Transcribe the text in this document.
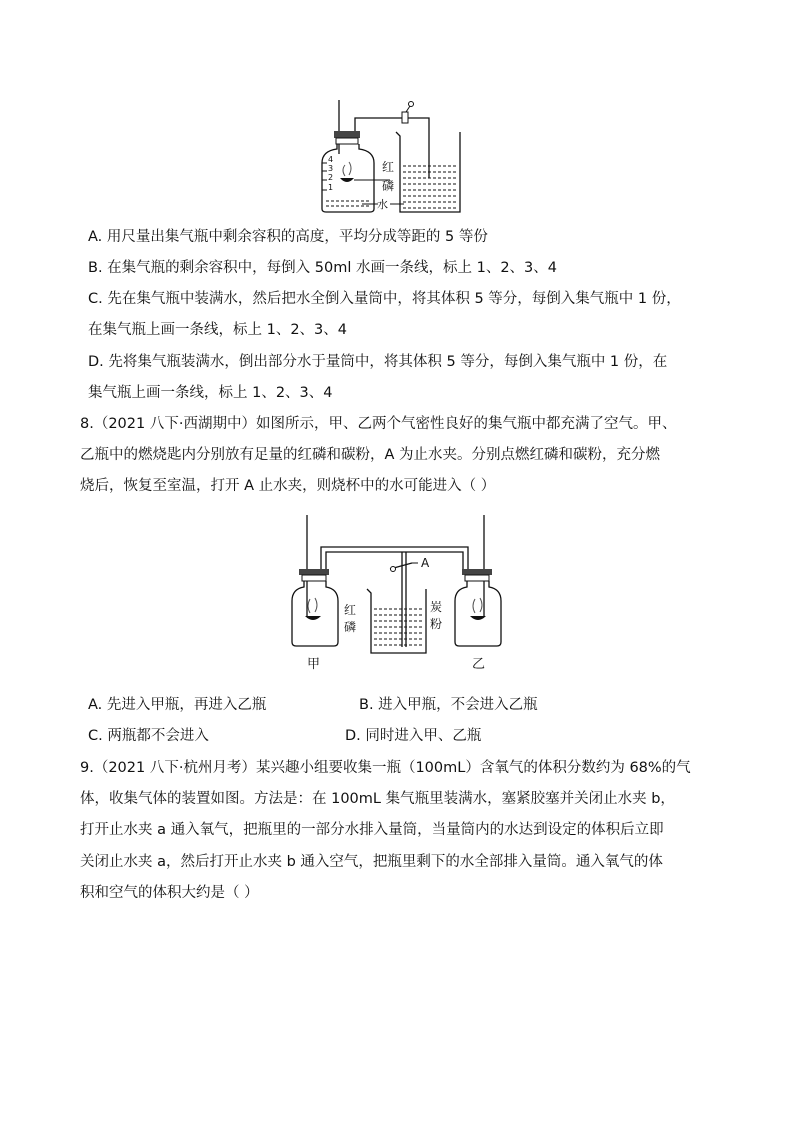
4
3
2
1
红
磷
水
A. 用尺量出集气瓶中剩余容积的高度，平均分成等距的 5 等份
B. 在集气瓶的剩余容积中，每倒入 50ml 水画一条线，标上 1、2、3、4
C. 先在集气瓶中装满水，然后把水全倒入量筒中，将其体积 5 等分，每倒入集气瓶中 1 份，
在集气瓶上画一条线，标上 1、2、3、4
D. 先将集气瓶装满水，倒出部分水于量筒中，将其体积 5 等分，每倒入集气瓶中 1 份，在
集气瓶上画一条线，标上 1、2、3、4
8.（2021 八下·西湖期中）如图所示，甲、乙两个气密性良好的集气瓶中都充满了空气。甲、
乙瓶中的燃烧匙内分别放有足量的红磷和碳粉，A 为止水夹。分别点燃红磷和碳粉，充分燃
烧后，恢复至室温，打开 A 止水夹，则烧杯中的水可能进入（ ）
A
红
磷
炭
粉
甲	乙
A. 先进入甲瓶，再进入乙瓶	B. 进入甲瓶，不会进入乙瓶
C. 两瓶都不会进入	D. 同时进入甲、乙瓶
9.（2021 八下·杭州月考）某兴趣小组要收集一瓶（100mL）含氧气的体积分数约为 68%的气
体，收集气体的装置如图。方法是：在 100mL 集气瓶里装满水，塞紧胶塞并关闭止水夹 b，
打开止水夹 a 通入氧气，把瓶里的一部分水排入量筒，当量筒内的水达到设定的体积后立即
关闭止水夹 a，然后打开止水夹 b 通入空气，把瓶里剩下的水全部排入量筒。通入氧气的体
积和空气的体积大约是（ ）
